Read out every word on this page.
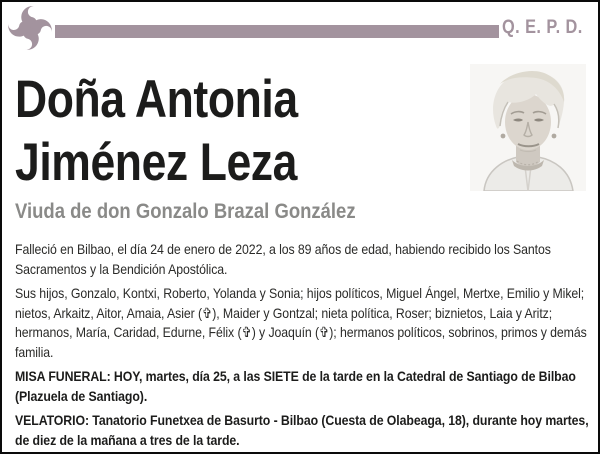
Q. E. P. D.
Doña Antonia
Jiménez Leza
Viuda de don Gonzalo Brazal González

Falleció en Bilbao, el día 24 de enero de 2022, a los 89 años de edad, habiendo recibido los Santos Sacramentos y la Bendición Apostólica.

Sus hijos, Gonzalo, Kontxi, Roberto, Yolanda y Sonia; hijos políticos, Miguel Ángel, Mertxe, Emilio y Mikel; nietos, Arkaitz, Aitor, Amaia, Asier (✞), Maider y Gontzal; nieta política, Roser; biznietos, Laia y Aritz; hermanos, María, Caridad, Edurne, Félix (✞) y Joaquín (✞); hermanos políticos, sobrinos, primos y demás familia.

MISA FUNERAL: HOY, martes, día 25, a las SIETE de la tarde en la Catedral de Santiago de Bilbao (Plazuela de Santiago).

VELATORIO: Tanatorio Funetxea de Basurto - Bilbao (Cuesta de Olabeaga, 18), durante hoy martes, de diez de la mañana a tres de la tarde.
